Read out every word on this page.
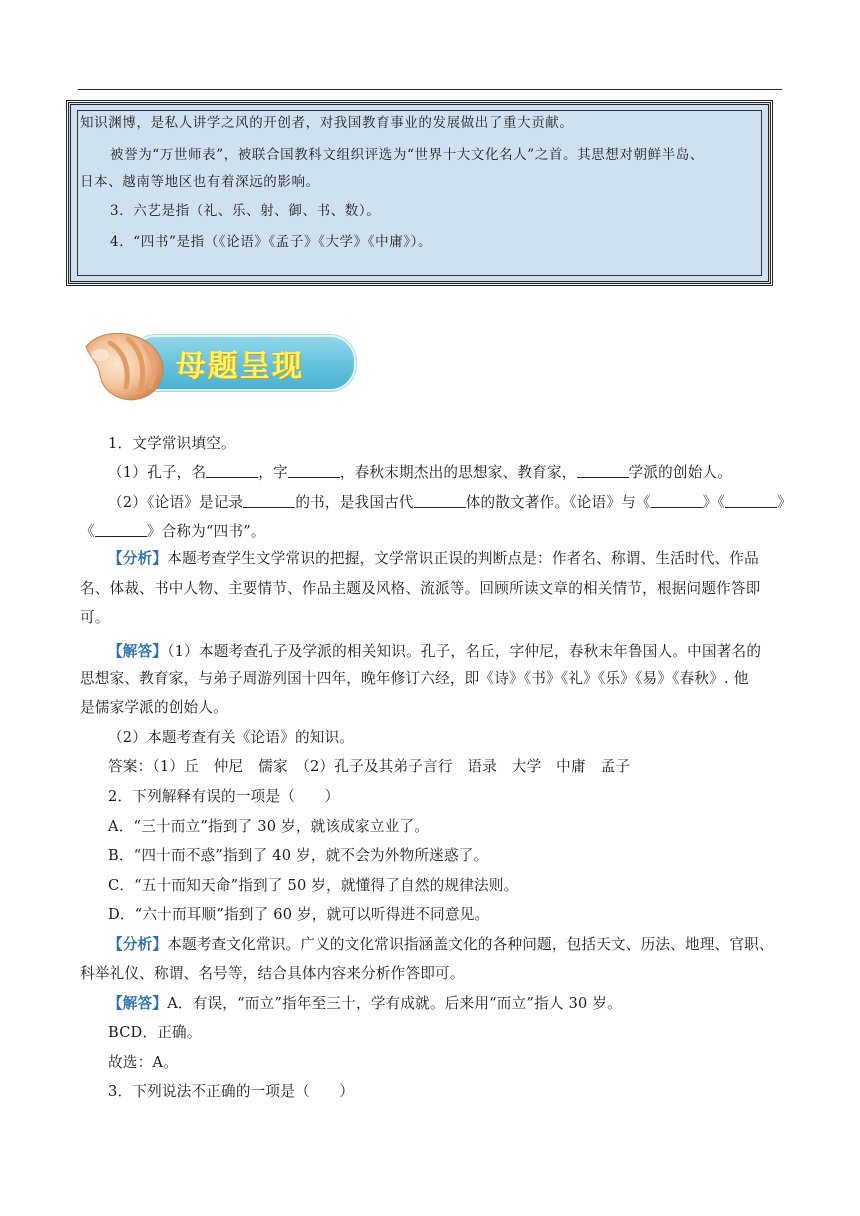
知识渊博，是私人讲学之风的开创者，对我国教育事业的发展做出了重大贡献。
被誉为“万世师表”，被联合国教科文组织评选为“世界十大文化名人”之首。其思想对朝鲜半岛、
日本、越南等地区也有着深远的影响。
3．六艺是指（礼、乐、射、御、书、数）。
4．“四书”是指（《论语》《孟子》《大学》《中庸》）。
母题呈现
1．文学常识填空。
（1）孔子，名	，字	，春秋末期杰出的思想家、教育家，	学派的创始人。
（2）《论语》是记录	的书，是我国古代	体的散文著作。《论语》与《	》《	》
《	》合称为“四书”。
【分析】本题考查学生文学常识的把握，文学常识正误的判断点是：作者名、称谓、生活时代、作品
名、体裁、书中人物、主要情节、作品主题及风格、流派等。回顾所读文章的相关情节，根据问题作答即
可。
【解答】（1）本题考查孔子及学派的相关知识。孔子，名丘，字仲尼，春秋末年鲁国人。中国著名的
思想家、教育家，与弟子周游列国十四年，晚年修订六经，即《诗》《书》《礼》《乐》《易》《春秋》. 他
是儒家学派的创始人。
（2）本题考查有关《论语》的知识。
答案：（1）丘　仲尼　儒家　（2）孔子及其弟子言行　语录　大学　中庸　孟子
2．下列解释有误的一项是（　　）
A．“三十而立”指到了 30 岁，就该成家立业了。
B．“四十而不惑”指到了 40 岁，就不会为外物所迷惑了。
C．“五十而知天命”指到了 50 岁，就懂得了自然的规律法则。
D．“六十而耳顺”指到了 60 岁，就可以听得进不同意见。
【分析】本题考查文化常识。广义的文化常识指涵盖文化的各种问题，包括天文、历法、地理、官职、
科举礼仪、称谓、名号等，结合具体内容来分析作答即可。
【解答】A．有误，“而立”指年至三十，学有成就。后来用“而立”指人 30 岁。
BCD．正确。
故选：A。
3．下列说法不正确的一项是（　　）
